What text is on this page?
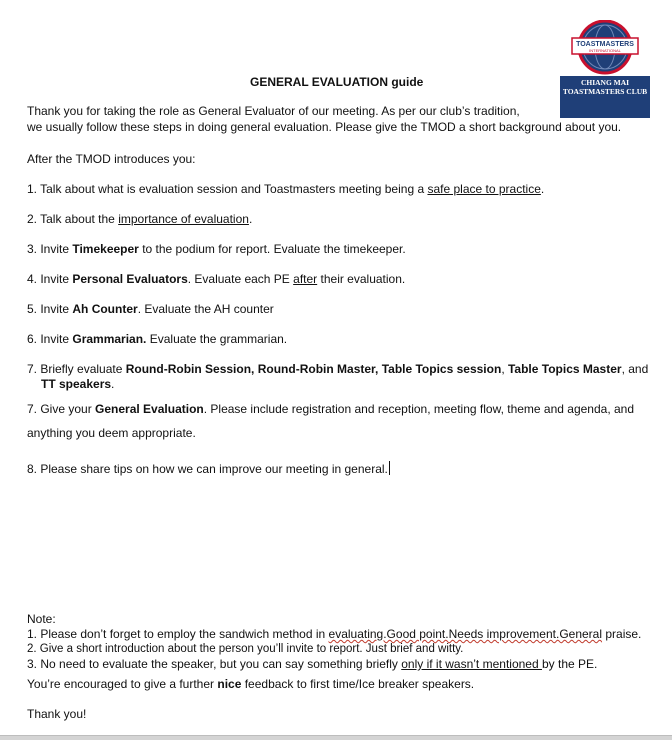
TOASTMASTERS
INTERNATIONAL
CHIANG MAI
TOASTMASTERS CLUB
GENERAL EVALUATION guide
Thank you for taking the role as General Evaluator of our meeting. As per our club’s tradition,
we usually follow these steps in doing general evaluation. Please give the TMOD a short background about you.
After the TMOD introduces you:
1. Talk about what is evaluation session and Toastmasters meeting being a safe place to practice.
2. Talk about the importance of evaluation.
3. Invite Timekeeper to the podium for report. Evaluate the timekeeper.
4. Invite Personal Evaluators. Evaluate each PE after their evaluation.
5. Invite Ah Counter. Evaluate the AH counter
6. Invite Grammarian. Evaluate the grammarian.
7. Briefly evaluate Round-Robin Session, Round-Robin Master, Table Topics session, Table Topics Master, and
TT speakers.
7. Give your General Evaluation. Please include registration and reception, meeting flow, theme and agenda, and
anything you deem appropriate.
8. Please share tips on how we can improve our meeting in general.
Note:
1. Please don’t forget to employ the sandwich method in evaluating.Good point.Needs improvement.General praise.
2. Give a short introduction about the person you’ll invite to report. Just brief and witty.
3. No need to evaluate the speaker, but you can say something briefly only if it wasn’t mentioned by the PE.
You’re encouraged to give a further nice feedback to first time/Ice breaker speakers.
Thank you!
